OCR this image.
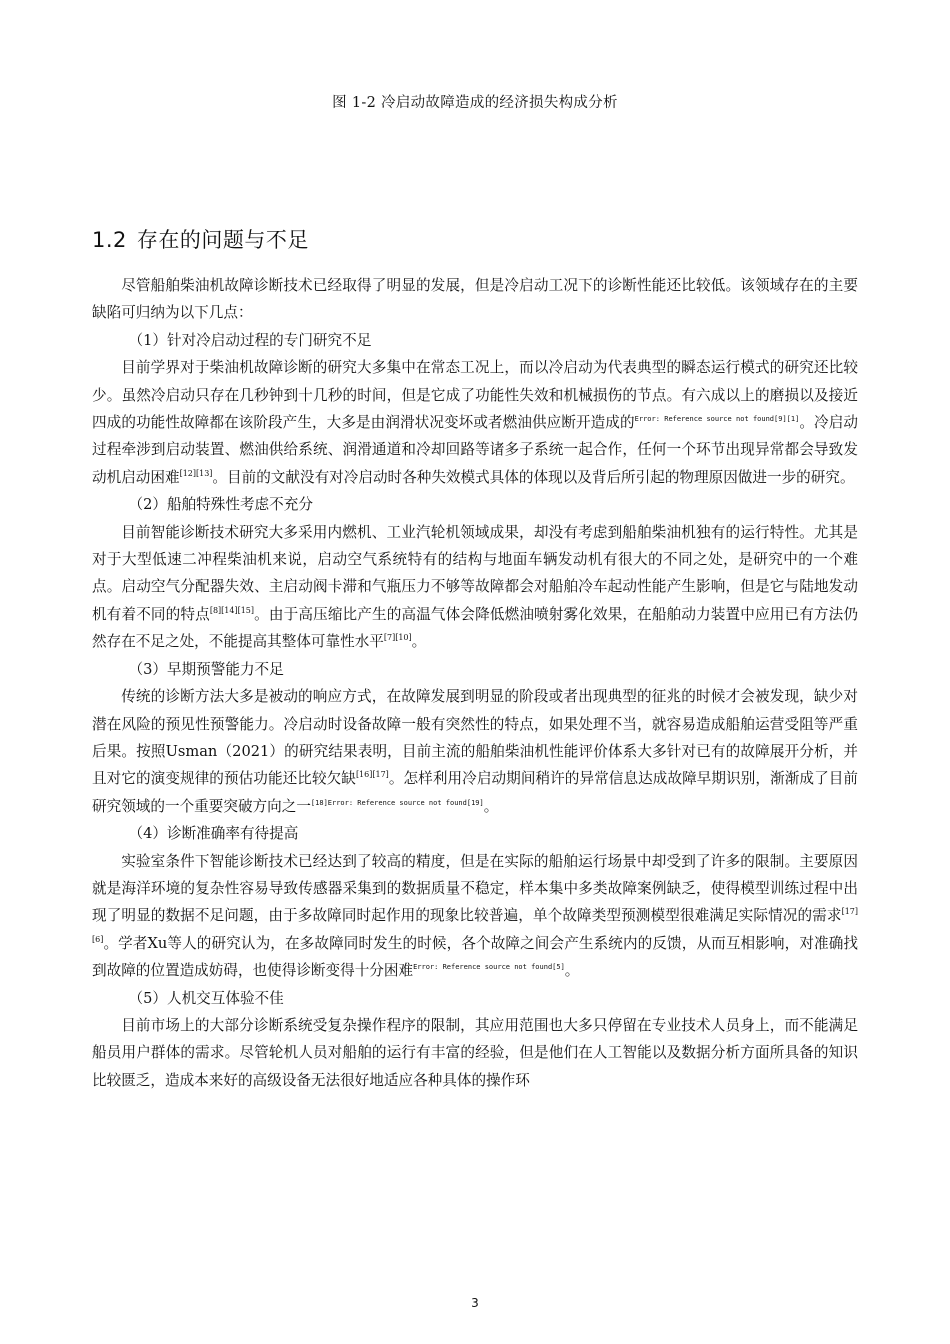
图 1-2 冷启动故障造成的经济损失构成分析
1.2 存在的问题与不足

尽管船舶柴油机故障诊断技术已经取得了明显的发展，但是冷启动工况下的诊断性能还比较低。该领域存在的主要缺陷可归纳为以下几点：

（1）针对冷启动过程的专门研究不足

目前学界对于柴油机故障诊断的研究大多集中在常态工况上，而以冷启动为代表典型的瞬态运行模式的研究还比较少。虽然冷启动只存在几秒钟到十几秒的时间，但是它成了功能性失效和机械损伤的节点。有六成以上的磨损以及接近四成的功能性故障都在该阶段产生，大多是由润滑状况变坏或者燃油供应断开造成的$^{Error: Reference source not found[9][1]}$。冷启动过程牵涉到启动装置、燃油供给系统、润滑通道和冷却回路等诸多子系统一起合作，任何一个环节出现异常都会导致发动机启动困难[12][13]。目前的文献没有对冷启动时各种失效模式具体的体现以及背后所引起的物理原因做进一步的研究。

（2）船舶特殊性考虑不充分

目前智能诊断技术研究大多采用内燃机、工业汽轮机领域成果，却没有考虑到船舶柴油机独有的运行特性。尤其是对于大型低速二冲程柴油机来说，启动空气系统特有的结构与地面车辆发动机有很大的不同之处，是研究中的一个难点。启动空气分配器失效、主启动阀卡滞和气瓶压力不够等故障都会对船舶冷车起动性能产生影响，但是它与陆地发动机有着不同的特点[8][14][15]。由于高压缩比产生的高温气体会降低燃油喷射雾化效果，在船舶动力装置中应用已有方法仍然存在不足之处，不能提高其整体可靠性水平[7][10]。

（3）早期预警能力不足

传统的诊断方法大多是被动的响应方式，在故障发展到明显的阶段或者出现典型的征兆的时候才会被发现，缺少对潜在风险的预见性预警能力。冷启动时设备故障一般有突然性的特点，如果处理不当，就容易造成船舶运营受阻等严重后果。按照Usman（2021）的研究结果表明，目前主流的船舶柴油机性能评价体系大多针对已有的故障展开分析，并且对它的演变规律的预估功能还比较欠缺[16][17]。怎样利用冷启动期间稍许的异常信息达成故障早期识别，渐渐成了目前研究领域的一个重要突破方向之一[18]Error: Reference source not found[19]。

（4）诊断准确率有待提高

实验室条件下智能诊断技术已经达到了较高的精度，但是在实际的船舶运行场景中却受到了许多的限制。主要原因就是海洋环境的复杂性容易导致传感器采集到的数据质量不稳定，样本集中多类故障案例缺乏，使得模型训练过程中出现了明显的数据不足问题，由于多故障同时起作用的现象比较普遍，单个故障类型预测模型很难满足实际情况的需求[17][6]。学者Xu等人的研究认为，在多故障同时发生的时候，各个故障之间会产生系统内的反馈，从而互相影响，对准确找到故障的位置造成妨碍，也使得诊断变得十分困难$^{Error: Reference source not found[5]}$。

（5）人机交互体验不佳

目前市场上的大部分诊断系统受复杂操作程序的限制，其应用范围也大多只停留在专业技术人员身上，而不能满足船员用户群体的需求。尽管轮机人员对船舶的运行有丰富的经验，但是他们在人工智能以及数据分析方面所具备的知识比较匮乏，造成本来好的高级设备无法很好地适应各种具体的操作环

3
